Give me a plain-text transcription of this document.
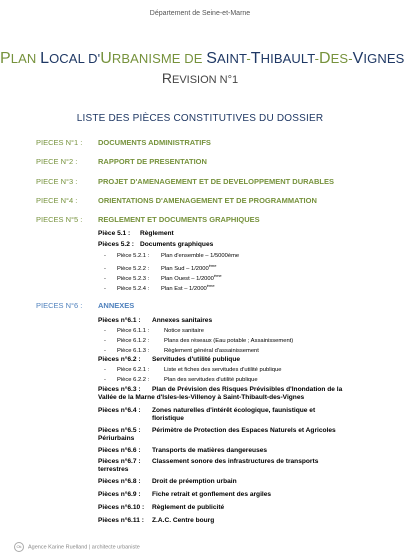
Département de Seine-et-Marne
PLAN LOCAL D'URBANISME DE SAINT-THIBAULT-DES-VIGNES
REVISION N°1
LISTE DES PIÈCES CONSTITUTIVES DU DOSSIER
PIECES N°1 : DOCUMENTS ADMINISTRATIFS
PIECE N°2 :	RAPPORT DE PRESENTATION
PIECE N°3 :	PROJET D'AMENAGEMENT ET DE DEVELOPPEMENT DURABLES
PIECE N°4 :	ORIENTATIONS D'AMENAGEMENT ET DE PROGRAMMATION
PIECES N°5 : REGLEMENT ET DOCUMENTS GRAPHIQUES
Pièce 5.1 : Règlement
Pièces 5.2 : Documents graphiques
- Pièce 5.2.1 : Plan d'ensemble – 1/5000ème
- Pièce 5.2.2 : Plan Sud – 1/2000ème
- Pièce 5.2.3 : Plan Ouest – 1/2000ème
- Pièce 5.2.4 : Plan Est – 1/2000ème
PIECES N°6 : ANNEXES
Pièces n°6.1 : Annexes sanitaires
- Pièce 6.1.1 :	Notice sanitaire
- Pièce 6.1.2 :	Plans des réseaux (Eau potable ; Assainissement)
- Pièce 6.1.3 :	Règlement général d'assainissement
Pièces n°6.2 : Servitudes d'utilité publique
- Pièce 6.2.1 :	Liste et fiches des servitudes d'utilité publique
- Pièce 6.2.2 :	Plan des servitudes d'utilité publique
Pièces n°6.3 : Plan de Prévision des Risques Prévisibles d'Inondation de la
Vallée de la Marne d'Isles-les-Villenoy à Saint-Thibault-des-Vignes
Pièces n°6.4 : Zones naturelles d'intérêt écologique, faunistique et
floristique
Pièces n°6.5 : Périmètre de Protection des Espaces Naturels et Agricoles
Périurbains
Pièces n°6.6 : Transports de matières dangereuses
Pièces n°6.7 : Classement sonore des infrastructures de transports
terrestres
Pièces n°6.8 : Droit de préemption urbain
Pièces n°6.9 : Fiche retrait et gonflement des argiles
Pièces n°6.10 : Règlement de publicité
Pièces n°6.11 : Z.A.C. Centre bourg
Ok Agence Karine Ruelland | architecte urbaniste
